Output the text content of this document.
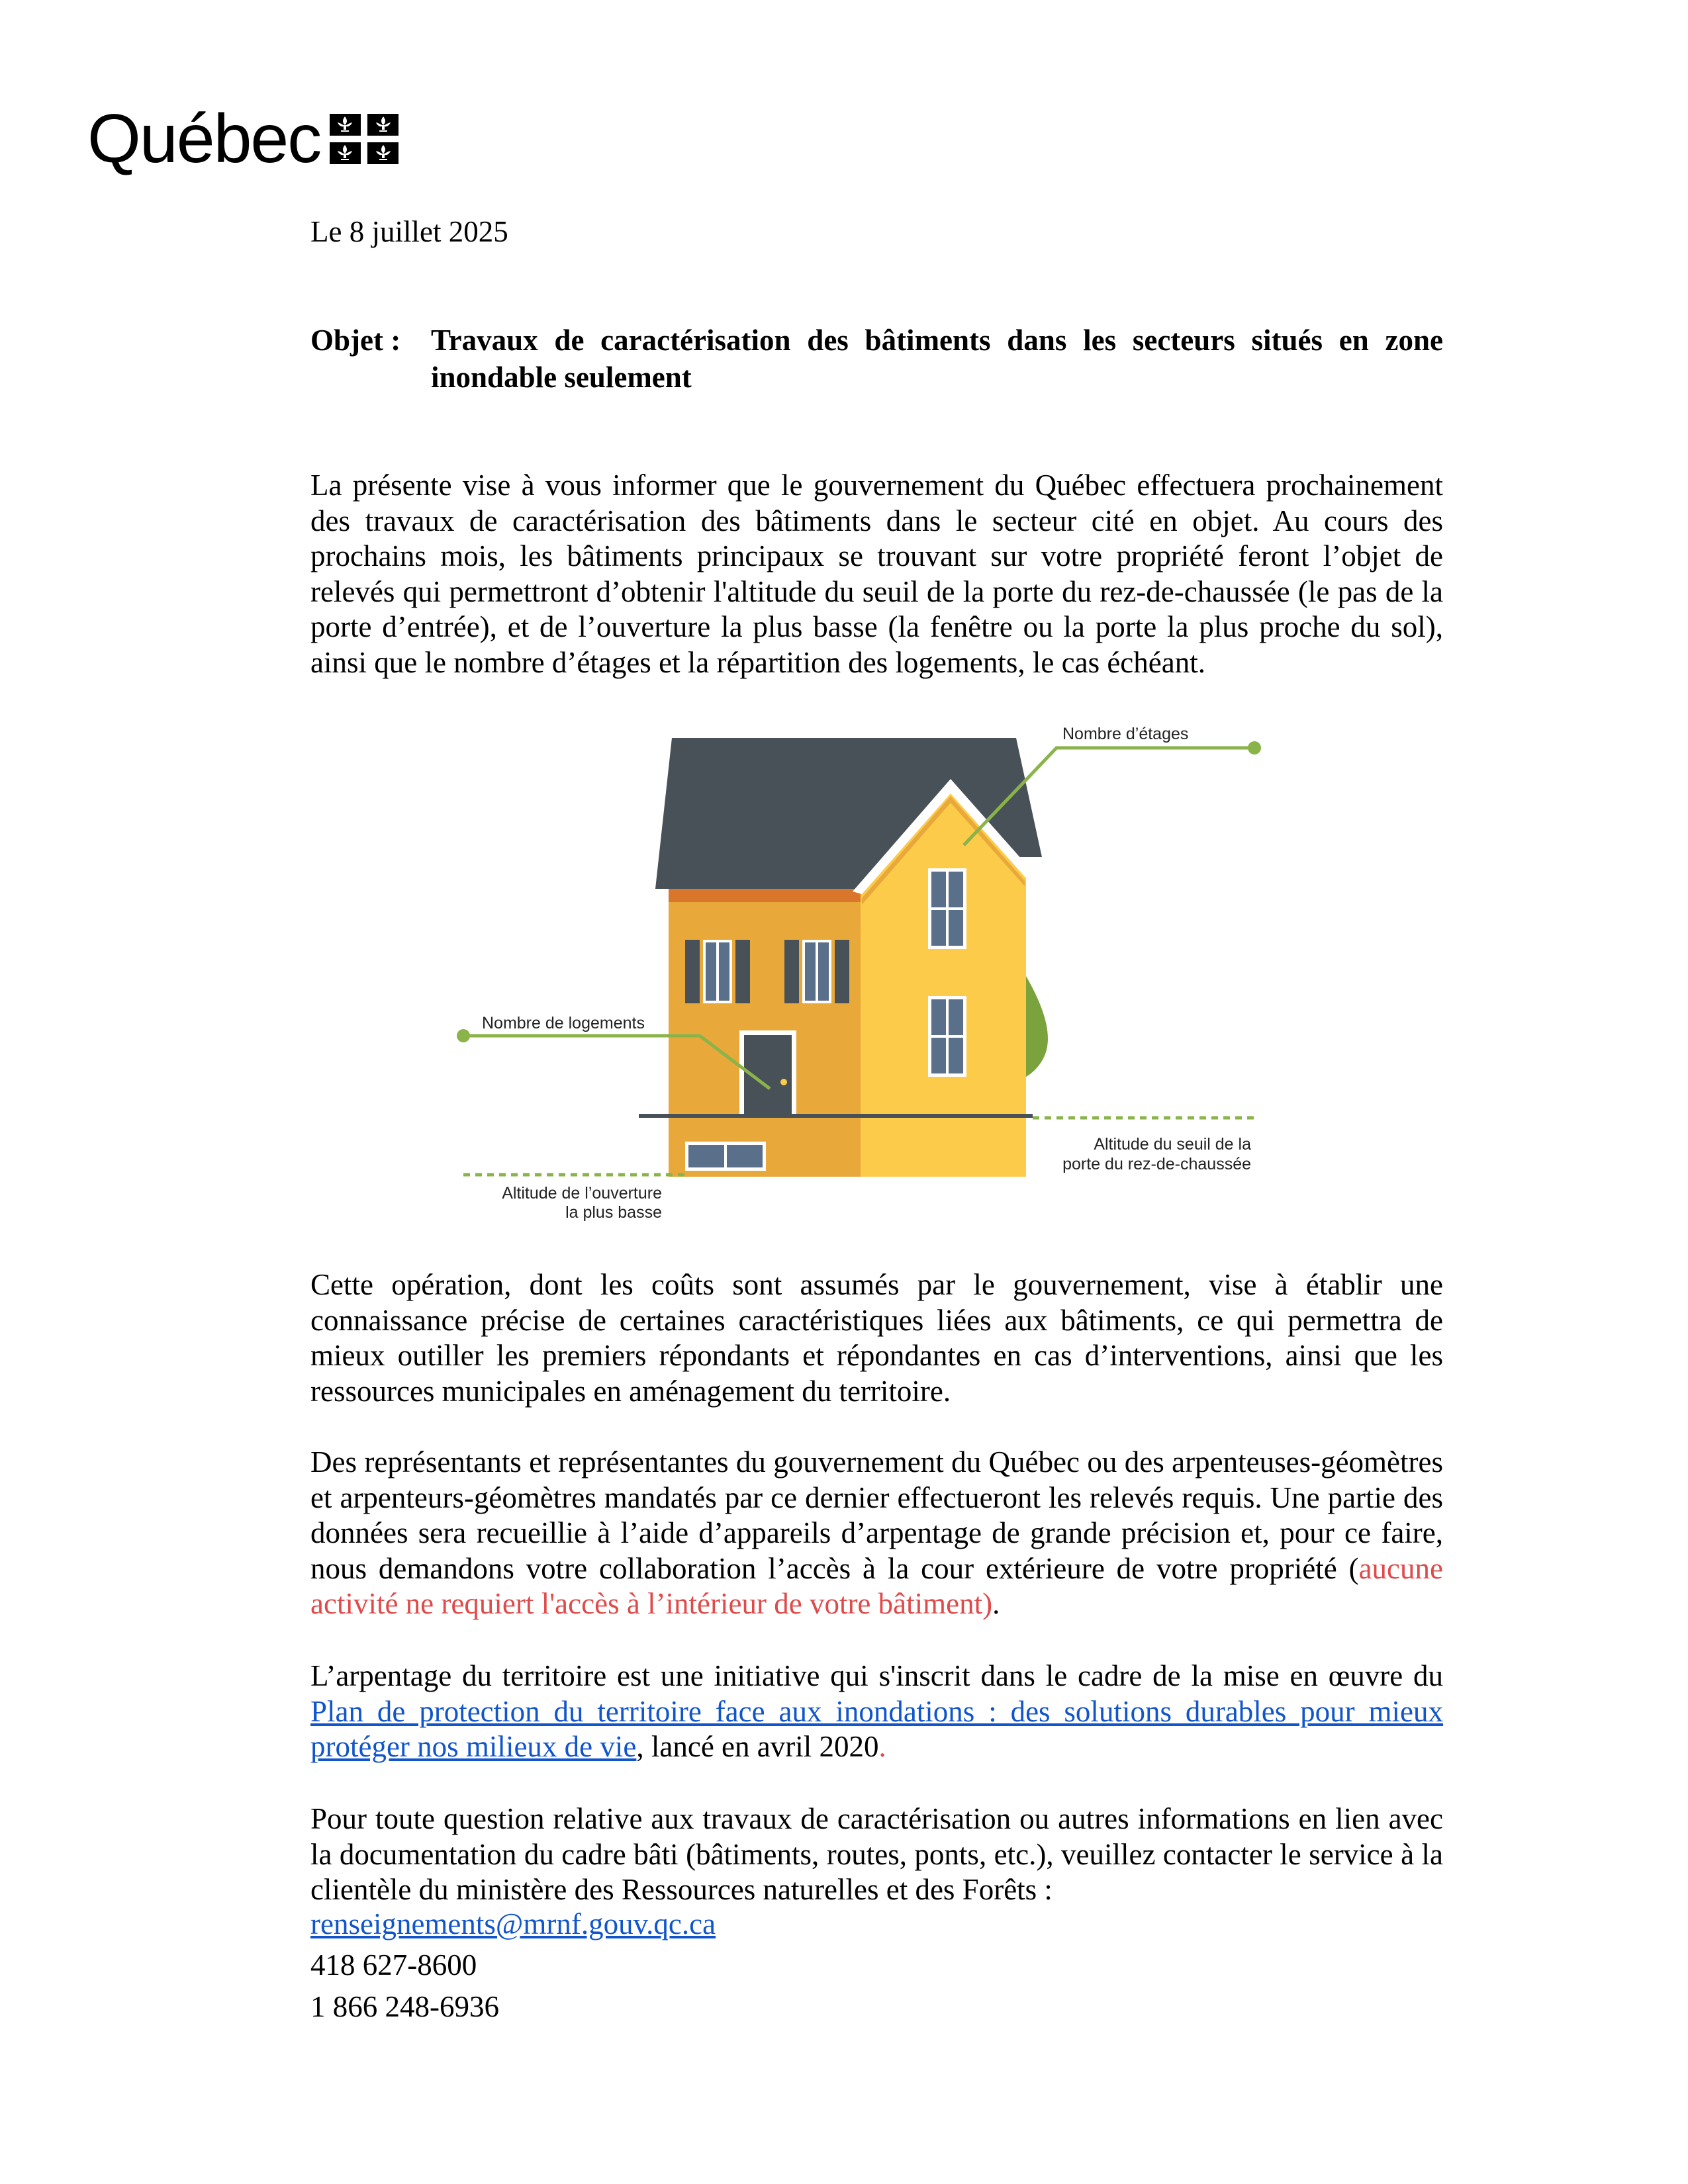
Québec
Le 8 juillet 2025
Objet :	Travaux de caractérisation des bâtiments dans les secteurs situés en zone inondable seulement

La présente vise à vous informer que le gouvernement du Québec effectuera prochainement des travaux de caractérisation des bâtiments dans le secteur cité en objet. Au cours des prochains mois, les bâtiments principaux se trouvant sur votre propriété feront l’objet de relevés qui permettront d’obtenir l'altitude du seuil de la porte du rez-de-chaussée (le pas de la porte d’entrée), et de l’ouverture la plus basse (la fenêtre ou la porte la plus proche du sol), ainsi que le nombre d’étages et la répartition des logements, le cas échéant.

Nombre d’étages
Nombre de logements
Altitude du seuil de la
porte du rez-de-chaussée
Altitude de l’ouverture
la plus basse

Cette opération, dont les coûts sont assumés par le gouvernement, vise à établir une connaissance précise de certaines caractéristiques liées aux bâtiments, ce qui permettra de mieux outiller les premiers répondants et répondantes en cas d’interventions, ainsi que les ressources municipales en aménagement du territoire.

Des représentants et représentantes du gouvernement du Québec ou des arpenteuses-géomètres et arpenteurs-géomètres mandatés par ce dernier effectueront les relevés requis. Une partie des données sera recueillie à l’aide d’appareils d’arpentage de grande précision et, pour ce faire, nous demandons votre collaboration l’accès à la cour extérieure de votre propriété (aucune activité ne requiert l'accès à l’intérieur de votre bâtiment).

L’arpentage du territoire est une initiative qui s'inscrit dans le cadre de la mise en œuvre du Plan de protection du territoire face aux inondations : des solutions durables pour mieux protéger nos milieux de vie, lancé en avril 2020.

Pour toute question relative aux travaux de caractérisation ou autres informations en lien avec la documentation du cadre bâti (bâtiments, routes, ponts, etc.), veuillez contacter le service à la clientèle du ministère des Ressources naturelles et des Forêts :

renseignements@mrnf.gouv.qc.ca
418 627-8600
1 866 248-6936
